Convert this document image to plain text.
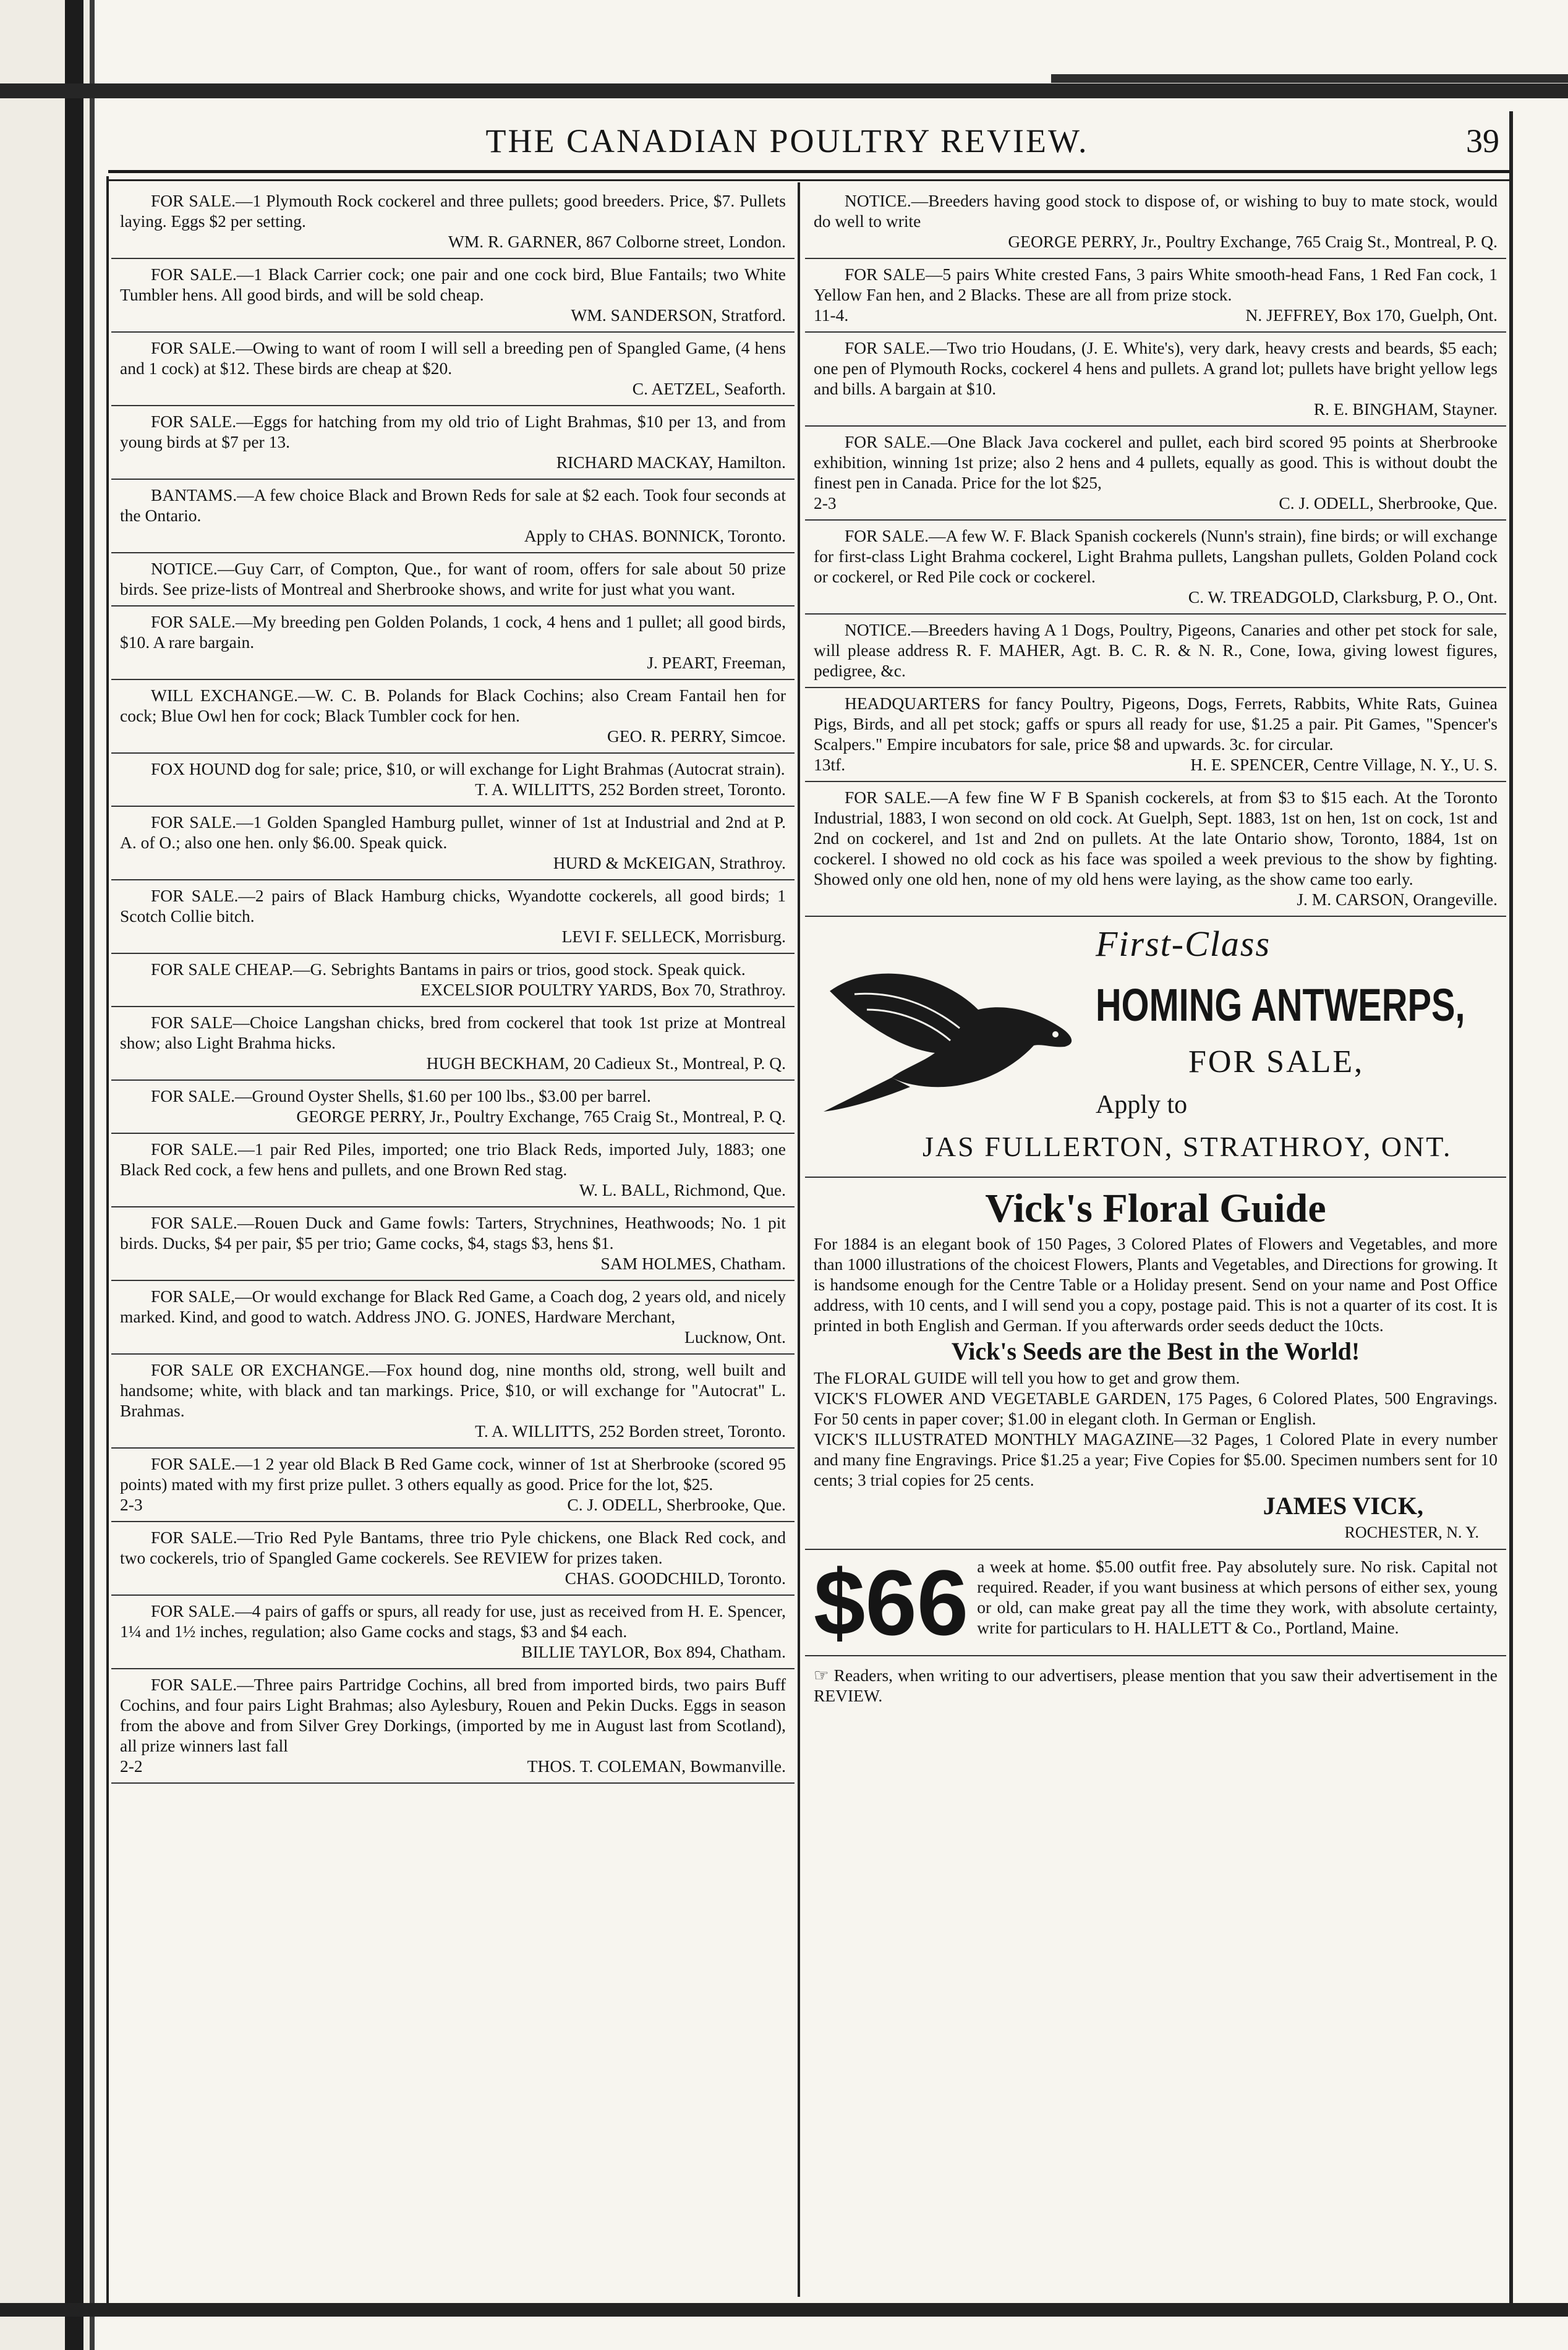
THE CANADIAN POULTRY REVIEW.	39
FOR SALE.—1 Plymouth Rock cockerel and three pullets; good breeders. Price, $7. Pullets laying. Eggs $2 per setting.
WM. R. GARNER, 867 Colborne street, London.
FOR SALE.—1 Black Carrier cock; one pair and one cock bird, Blue Fantails; two White Tumbler hens. All good birds, and will be sold cheap.
WM. SANDERSON, Stratford.
FOR SALE.—Owing to want of room I will sell a breeding pen of Spangled Game, (4 hens and 1 cock) at $12. These birds are cheap at $20.
C. AETZEL, Seaforth.
FOR SALE.—Eggs for hatching from my old trio of Light Brahmas, $10 per 13, and from young birds at $7 per 13.
RICHARD MACKAY, Hamilton.
BANTAMS.—A few choice Black and Brown Reds for sale at $2 each. Took four seconds at the Ontario.
Apply to CHAS. BONNICK, Toronto.
NOTICE.—Guy Carr, of Compton, Que., for want of room, offers for sale about 50 prize birds. See prize-lists of Montreal and Sherbrooke shows, and write for just what you want.
FOR SALE.—My breeding pen Golden Polands, 1 cock, 4 hens and 1 pullet; all good birds, $10. A rare bargain.
J. PEART, Freeman,
WILL EXCHANGE.—W. C. B. Polands for Black Cochins; also Cream Fantail hen for cock; Blue Owl hen for cock; Black Tumbler cock for hen.
GEO. R. PERRY, Simcoe.
FOX HOUND dog for sale; price, $10, or will exchange for Light Brahmas (Autocrat strain).
T. A. WILLITTS, 252 Borden street, Toronto.
FOR SALE.—1 Golden Spangled Hamburg pullet, winner of 1st at Industrial and 2nd at P. A. of O.; also one hen. only $6.00. Speak quick.
HURD & McKEIGAN, Strathroy.
FOR SALE.—2 pairs of Black Hamburg chicks, Wyandotte cockerels, all good birds; 1 Scotch Collie bitch.
LEVI F. SELLECK, Morrisburg.
FOR SALE CHEAP.—G. Sebrights Bantams in pairs or trios, good stock. Speak quick.
EXCELSIOR POULTRY YARDS, Box 70, Strathroy.
FOR SALE—Choice Langshan chicks, bred from cockerel that took 1st prize at Montreal show; also Light Brahma hicks.
HUGH BECKHAM, 20 Cadieux St., Montreal, P. Q.
FOR SALE.—Ground Oyster Shells, $1.60 per 100 lbs., $3.00 per barrel.
GEORGE PERRY, Jr., Poultry Exchange, 765 Craig St., Montreal, P. Q.
FOR SALE.—1 pair Red Piles, imported; one trio Black Reds, imported July, 1883; one Black Red cock, a few hens and pullets, and one Brown Red stag.
W. L. BALL, Richmond, Que.
FOR SALE.—Rouen Duck and Game fowls: Tarters, Strychnines, Heathwoods; No. 1 pit birds. Ducks, $4 per pair, $5 per trio; Game cocks, $4, stags $3, hens $1.
SAM HOLMES, Chatham.
FOR SALE,—Or would exchange for Black Red Game, a Coach dog, 2 years old, and nicely marked. Kind, and good to watch. Address JNO. G. JONES, Hardware Merchant,
Lucknow, Ont.
FOR SALE OR EXCHANGE.—Fox hound dog, nine months old, strong, well built and handsome; white, with black and tan markings. Price, $10, or will exchange for "Autocrat" L. Brahmas.
T. A. WILLITTS, 252 Borden street, Toronto.
FOR SALE.—1 2 year old Black B Red Game cock, winner of 1st at Sherbrooke (scored 95 points) mated with my first prize pullet. 3 others equally as good. Price for the lot, $25.
2-3	C. J. ODELL, Sherbrooke, Que.
FOR SALE.—Trio Red Pyle Bantams, three trio Pyle chickens, one Black Red cock, and two cockerels, trio of Spangled Game cockerels. See REVIEW for prizes taken.
CHAS. GOODCHILD, Toronto.
FOR SALE.—4 pairs of gaffs or spurs, all ready for use, just as received from H. E. Spencer, 1¼ and 1½ inches, regulation; also Game cocks and stags, $3 and $4 each.
BILLIE TAYLOR, Box 894, Chatham.
FOR SALE.—Three pairs Partridge Cochins, all bred from imported birds, two pairs Buff Cochins, and four pairs Light Brahmas; also Aylesbury, Rouen and Pekin Ducks. Eggs in season from the above and from Silver Grey Dorkings, (imported by me in August last from Scotland), all prize winners last fall
2-2	THOS. T. COLEMAN, Bowmanville.
NOTICE.—Breeders having good stock to dispose of, or wishing to buy to mate stock, would do well to write
GEORGE PERRY, Jr., Poultry Exchange, 765 Craig St., Montreal, P. Q.
FOR SALE—5 pairs White crested Fans, 3 pairs White smooth-head Fans, 1 Red Fan cock, 1 Yellow Fan hen, and 2 Blacks. These are all from prize stock.
11-4.	N. JEFFREY, Box 170, Guelph, Ont.
FOR SALE.—Two trio Houdans, (J. E. White's), very dark, heavy crests and beards, $5 each; one pen of Plymouth Rocks, cockerel 4 hens and pullets. A grand lot; pullets have bright yellow legs and bills. A bargain at $10.
R. E. BINGHAM, Stayner.
FOR SALE.—One Black Java cockerel and pullet, each bird scored 95 points at Sherbrooke exhibition, winning 1st prize; also 2 hens and 4 pullets, equally as good. This is without doubt the finest pen in Canada. Price for the lot $25,
2-3	C. J. ODELL, Sherbrooke, Que.
FOR SALE.—A few W. F. Black Spanish cockerels (Nunn's strain), fine birds; or will exchange for first-class Light Brahma cockerel, Light Brahma pullets, Langshan pullets, Golden Poland cock or cockerel, or Red Pile cock or cockerel.
C. W. TREADGOLD, Clarksburg, P. O., Ont.
NOTICE.—Breeders having A 1 Dogs, Poultry, Pigeons, Canaries and other pet stock for sale, will please address R. F. MAHER, Agt. B. C. R. & N. R., Cone, Iowa, giving lowest figures, pedigree, &c.
HEADQUARTERS for fancy Poultry, Pigeons, Dogs, Ferrets, Rabbits, White Rats, Guinea Pigs, Birds, and all pet stock; gaffs or spurs all ready for use, $1.25 a pair. Pit Games, "Spencer's Scalpers." Empire incubators for sale, price $8 and upwards. 3c. for circular.
13tf.	H. E. SPENCER, Centre Village, N. Y., U. S.
FOR SALE.—A few fine W F B Spanish cockerels, at from $3 to $15 each. At the Toronto Industrial, 1883, I won second on old cock. At Guelph, Sept. 1883, 1st on hen, 1st on cock, 1st and 2nd on cockerel, and 1st and 2nd on pullets. At the late Ontario show, Toronto, 1884, 1st on cockerel. I showed no old cock as his face was spoiled a week previous to the show by fighting. Showed only one old hen, none of my old hens were laying, as the show came too early.
J. M. CARSON, Orangeville.
First-Class
HOMING ANTWERPS,
FOR SALE,
Apply to
JAS FULLERTON, STRATHROY, ONT.
Vick's Floral Guide
For 1884 is an elegant book of 150 Pages, 3 Colored Plates of Flowers and Vegetables, and more than 1000 illustrations of the choicest Flowers, Plants and Vegetables, and Directions for growing. It is handsome enough for the Centre Table or a Holiday present. Send on your name and Post Office address, with 10 cents, and I will send you a copy, postage paid. This is not a quarter of its cost. It is printed in both English and German. If you afterwards order seeds deduct the 10cts.
Vick's Seeds are the Best in the World!
The FLORAL GUIDE will tell you how to get and grow them.
VICK'S FLOWER AND VEGETABLE GARDEN, 175 Pages, 6 Colored Plates, 500 Engravings. For 50 cents in paper cover; $1.00 in elegant cloth. In German or English.
VICK'S ILLUSTRATED MONTHLY MAGAZINE—32 Pages, 1 Colored Plate in every number and many fine Engravings. Price $1.25 a year; Five Copies for $5.00. Specimen numbers sent for 10 cents; 3 trial copies for 25 cents.
JAMES VICK,
ROCHESTER, N. Y.
$66 a week at home. $5.00 outfit free. Pay absolutely sure. No risk. Capital not required. Reader, if you want business at which persons of either sex, young or old, can make great pay all the time they work, with absolute certainty, write for particulars to H. HALLETT & Co., Portland, Maine.
☞ Readers, when writing to our advertisers, please mention that you saw their advertisement in the REVIEW.
